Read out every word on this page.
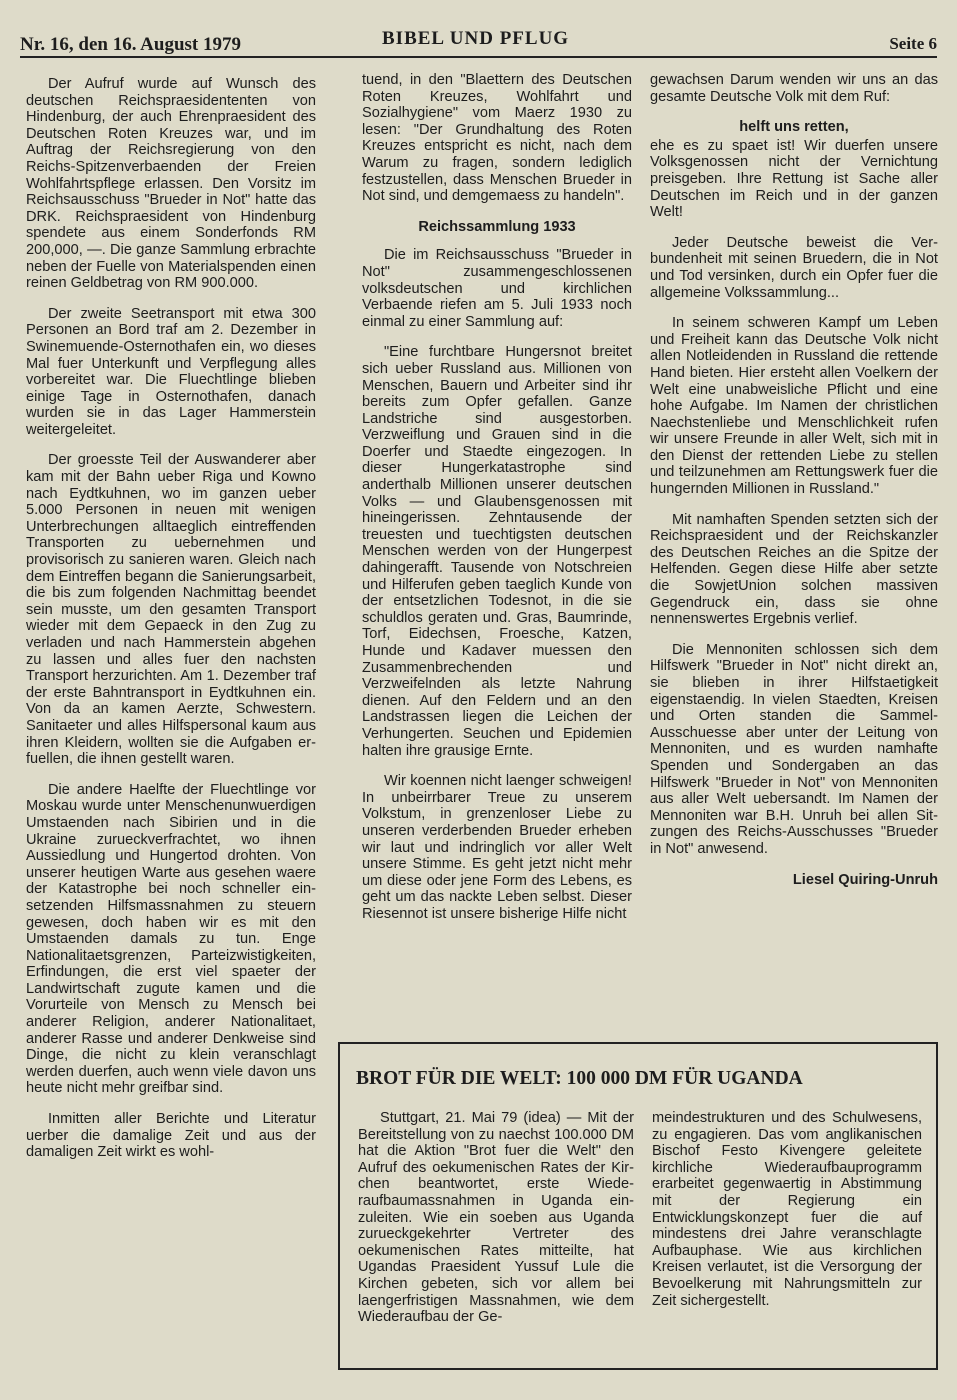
Nr. 16, den 16. August 1979	BIBEL UND PFLUG	Seite 6

Der Aufruf wurde auf Wunsch des deutschen Reichspraesidententen von Hindenburg, der auch Ehrenpraesident des Deutschen Roten Kreuzes war, und im Auftrag der Reichsregierung von den Reichs-Spitzenverbaenden der Freien Wohlfahrtspflege erlassen. Den Vorsitz im Reichsausschuss "Brueder in Not" hatte das DRK. Reichspraesident von Hindenburg spendete aus einem Sonderfonds RM 200,000, —. Die ganze Sammlung erbrachte neben der Fuelle von Materialspenden einen reinen Geldbetrag von RM 900.000.

Der zweite Seetransport mit etwa 300 Personen an Bord traf am 2. Dezember in Swinemuende-Osternothafen ein, wo dieses Mal fuer Unterkunft und Verpflegung alles vorbereitet war. Die Fluechtlinge blieben einige Tage in Osternothafen, danach wurden sie in das Lager Hammerstein weitergeleitet.

Der groesste Teil der Auswanderer aber kam mit der Bahn ueber Riga und Kowno nach Eydtkuhnen, wo im ganzen ueber 5.000 Personen in neuen mit wenigen Unterbrechungen alltaeglich eintreffenden Transporten zu uebernehmen und provisorisch zu sanieren waren. Gleich nach dem Eintreffen begann die Sanierungsarbeit, die bis zum folgenden Nachmittag beendet sein musste, um den gesamten Transport wieder mit dem Gepaeck in den Zug zu verladen und nach Hammerstein abgehen zu lassen und alles fuer den nachsten Transport herzurichten. Am 1. Dezember traf der erste Bahntransport in Eydtkuhnen ein. Von da an kamen Aerzte, Schwestern. Sanitaeter und alles Hilfspersonal kaum aus ihren Kleidern, wollten sie die Aufgaben erfuellen, die ihnen gestellt waren.

Die andere Haelfte der Fluechtlinge vor Moskau wurde unter Menschenunwuerdigen Umstaenden nach Sibirien und in die Ukraine zurueckverfrachtet, wo ihnen Aussiedlung und Hungertod drohten. Von unserer heutigen Warte aus gesehen waere der Katastrophe bei noch schneller einsetzenden Hilfsmassnahmen zu steuern gewesen, doch haben wir es mit den Umstaenden damals zu tun. Enge Nationalitaetsgrenzen, Parteizwistigkeiten, Erfindungen, die erst viel spaeter der Landwirtschaft zugute kamen und die Vorurteile von Mensch zu Mensch bei anderer Religion, anderer Nationalitaet, anderer Rasse und anderer Denkweise sind Dinge, die nicht zu klein veranschlagt werden duerfen, auch wenn viele davon uns heute nicht mehr greifbar sind.

Inmitten aller Berichte und Literatur uerber die damalige Zeit und aus der damaligen Zeit wirkt es wohl-

tuend, in den "Blaettern des Deutschen Roten Kreuzes, Wohlfahrt und Sozialhygiene" vom Maerz 1930 zu lesen: "Der Grundhaltung des Roten Kreuzes entspricht es nicht, nach dem Warum zu fragen, sondern lediglich festzustellen, dass Menschen Brueder in Not sind, und demgemaess zu handeln".

Reichssammlung 1933

Die im Reichsausschuss "Brueder in Not" zusammengeschlossenen volksdeutschen und kirchlichen Verbaende riefen am 5. Juli 1933 noch einmal zu einer Sammlung auf:

"Eine furchtbare Hungersnot breitet sich ueber Russland aus. Millionen von Menschen, Bauern und Arbeiter sind ihr bereits zum Opfer gefallen. Ganze Landstriche sind ausgestorben. Verzweiflung und Grauen sind in die Doerfer und Staedte eingezogen. In dieser Hungerkatastrophe sind anderthalb Millionen unserer deutschen Volks — und Glaubensgenossen mit hineingerissen. Zehntausende der treuesten und tuechtigsten deutschen Menschen werden von der Hungerpest dahingerafft. Tausende von Notschreien und Hilferufen geben taeglich Kunde von der entsetzlichen Todesnot, in die sie schuldlos geraten und. Gras, Baumrinde, Torf, Eidechsen, Froesche, Katzen, Hunde und Kadaver muessen den Zusammenbrechenden und Verzweifelnden als letzte Nahrung dienen. Auf den Feldern und an den Landstrassen liegen die Leichen der Verhungerten. Seuchen und Epidemien halten ihre grausige Ernte.

Wir koennen nicht laenger schweigen! In unbeirrbarer Treue zu unserem Volkstum, in grenzenloser Liebe zu unseren verderbenden Brueder erheben wir laut und indringlich vor aller Welt unsere Stimme. Es geht jetzt nicht mehr um diese oder jene Form des Lebens, es geht um das nackte Leben selbst. Dieser Riesennot ist unsere bisherige Hilfe nicht

gewachsen Darum wenden wir uns an das gesamte Deutsche Volk mit dem Ruf:

helft uns retten,

ehe es zu spaet ist! Wir duerfen unsere Volksgenossen nicht der Vernichtung preisgeben. Ihre Rettung ist Sache aller Deutschen im Reich und in der ganzen Welt!

Jeder Deutsche beweist die Verbundenheit mit seinen Bruedern, die in Not und Tod versinken, durch ein Opfer fuer die allgemeine Volkssammlung...

In seinem schweren Kampf um Leben und Freiheit kann das Deutsche Volk nicht allen Notleidenden in Russland die rettende Hand bieten. Hier ersteht allen Voelkern der Welt eine unabweisliche Pflicht und eine hohe Aufgabe. Im Namen der christlichen Naechstenliebe und Menschlichkeit rufen wir unsere Freunde in aller Welt, sich mit in den Dienst der rettenden Liebe zu stellen und teilzunehmen am Rettungswerk fuer die hungernden Millionen in Russland."

Mit namhaften Spenden setzten sich der Reichspraesident und der Reichskanzler des Deutschen Reiches an die Spitze der Helfenden. Gegen diese Hilfe aber setzte die SowjetUnion solchen massiven Gegendruck ein, dass sie ohne nennenswertes Ergebnis verlief.

Die Mennoniten schlossen sich dem Hilfswerk "Brueder in Not" nicht direkt an, sie blieben in ihrer Hilfstaetigkeit eigenstaendig. In vielen Staedten, Kreisen und Orten standen die Sammel-Ausschuesse aber unter der Leitung von Mennoniten, und es wurden namhafte Spenden und Sondergaben an das Hilfswerk "Brueder in Not" von Mennoniten aus aller Welt uebersandt. Im Namen der Mennoniten war B.H. Unruh bei allen Sitzungen des Reichs-Ausschusses "Brueder in Not" anwesend.

Liesel Quiring-Unruh
BROT FÜR DIE WELT: 100 000 DM FÜR UGANDA

Stuttgart, 21. Mai 79 (idea) — Mit der Bereitstellung von zu naechst 100.000 DM hat die Aktion "Brot fuer die Welt" den Aufruf des oekumenischen Rates der Kirchen beantwortet, erste Wiederaufbaumassnahmen in Uganda einzuleiten. Wie ein soeben aus Uganda zurueckgekehrter Vertreter des oekumenischen Rates mitteilte, hat Ugandas Praesident Yussuf Lule die Kirchen gebeten, sich vor allem bei laengerfristigen Massnahmen, wie dem Wiederaufbau der Ge-

meindestrukturen und des Schulwesens, zu engagieren. Das vom anglikanischen Bischof Festo Kivengere geleitete kirchliche Wiederaufbauprogramm erarbeitet gegenwaertig in Abstimmung mit der Regierung ein Entwicklungskonzept fuer die auf mindestens drei Jahre veranschlagte Aufbauphase. Wie aus kirchlichen Kreisen verlautet, ist die Versorgung der Bevoelkerung mit Nahrungsmitteln zur Zeit sichergestellt.
